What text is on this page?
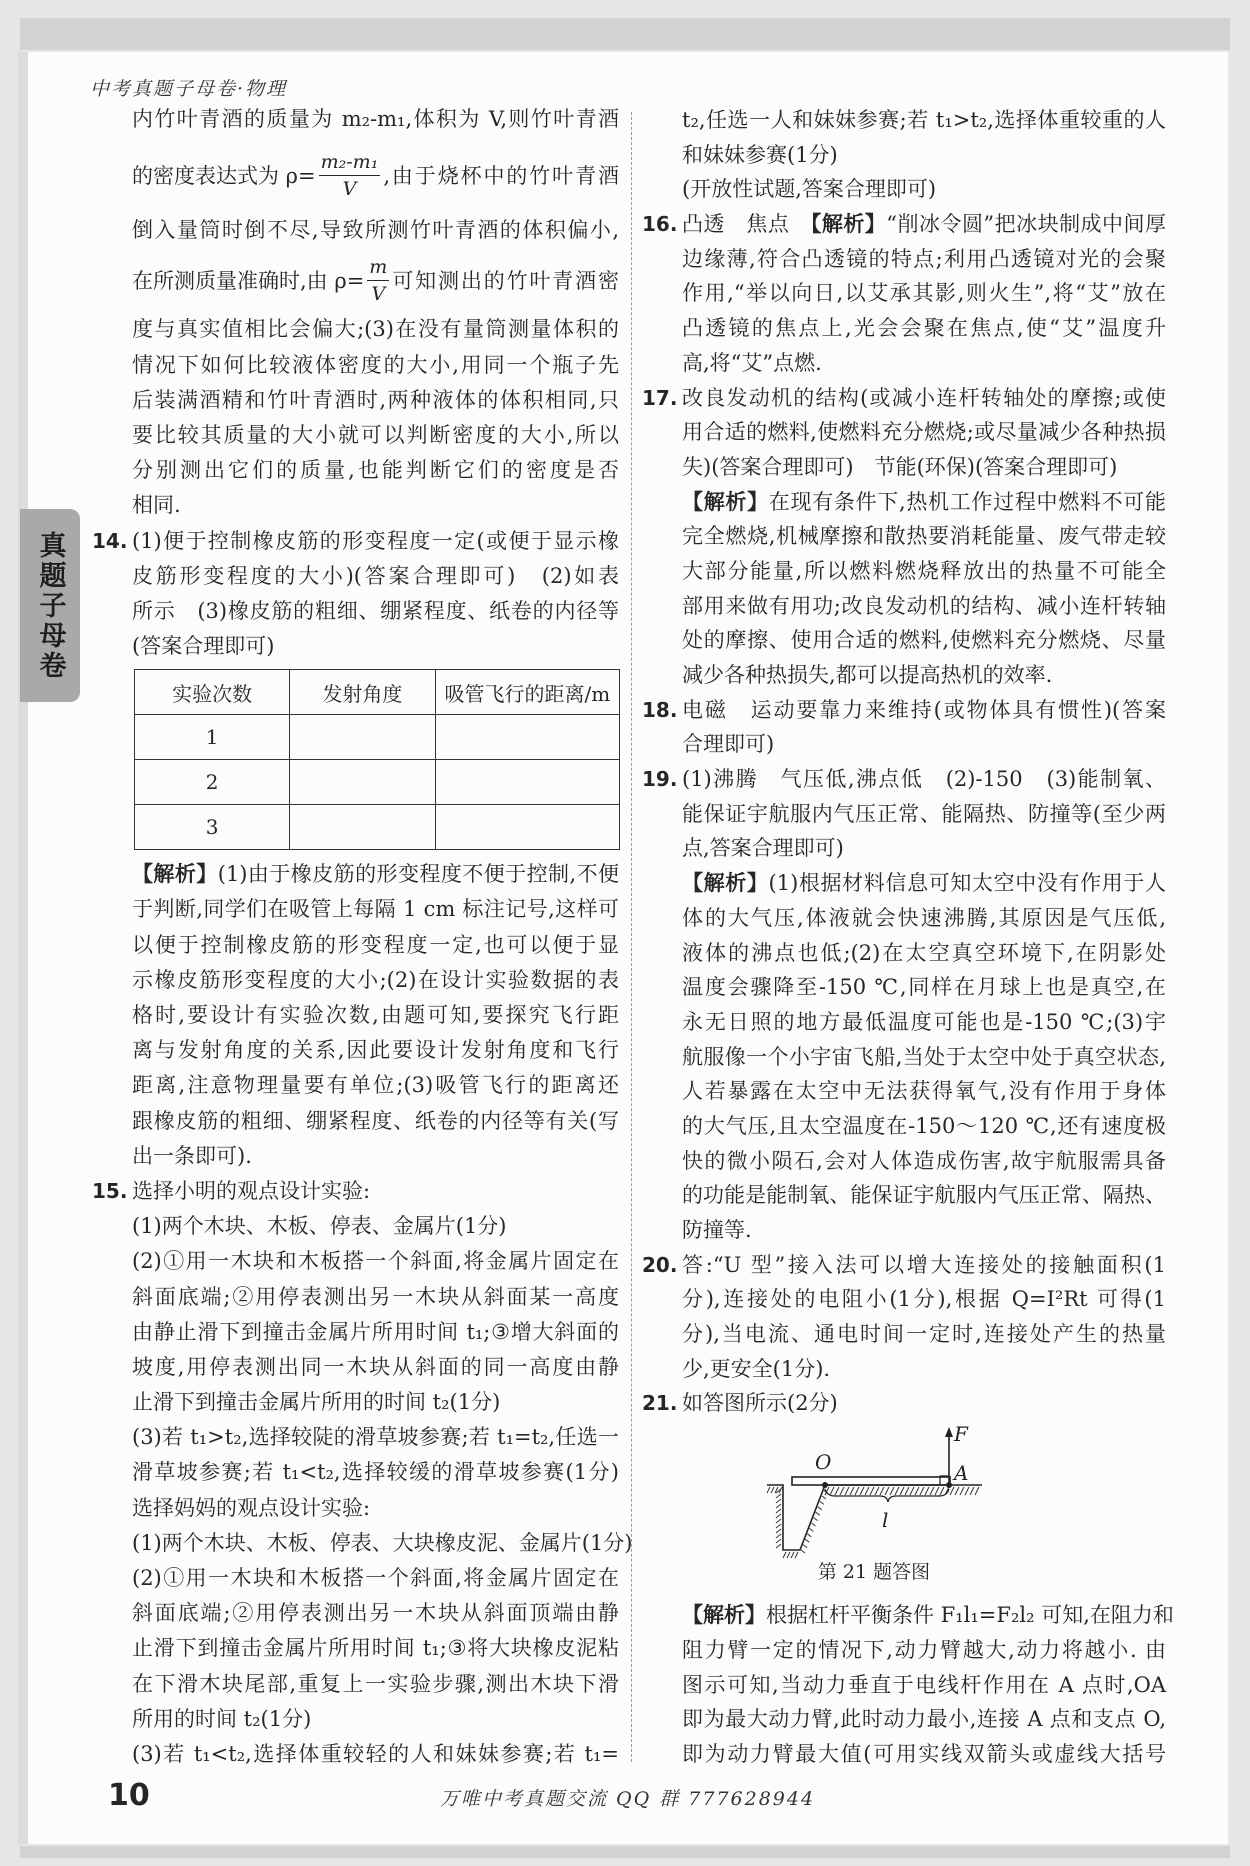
中考真题子母卷·物理
真题子母卷
内竹叶青酒的质量为 m₂-m₁,体积为 V,则竹叶青酒
的密度表达式为 $\rho= \frac{\text{m₂-m₁}}{V}$ ,由于烧杯中的竹叶青酒
倒入量筒时倒不尽,导致所测竹叶青酒的体积偏小,
在所测质量准确时,由 $\rho= \frac{m}{V}$ 可知测出的竹叶青酒密
度与真实值相比会偏大;(3)在没有量筒测量体积的
情况下如何比较液体密度的大小,用同一个瓶子先
后装满酒精和竹叶青酒时,两种液体的体积相同,只
要比较其质量的大小就可以判断密度的大小,所以
分别测出它们的质量,也能判断它们的密度是否
相同.
14. (1)便于控制橡皮筋的形变程度一定(或便于显示橡
皮筋形变程度的大小)(答案合理即可)　(2)如表
所示　(3)橡皮筋的粗细、绷紧程度、纸卷的内径等
(答案合理即可)
实验次数	发射角度	吸管飞行的距离/m
1		
2		
3		
【解析】(1)由于橡皮筋的形变程度不便于控制,不便
于判断,同学们在吸管上每隔 1 cm 标注记号,这样可
以便于控制橡皮筋的形变程度一定,也可以便于显
示橡皮筋形变程度的大小;(2)在设计实验数据的表
格时,要设计有实验次数,由题可知,要探究飞行距
离与发射角度的关系,因此要设计发射角度和飞行
距离,注意物理量要有单位;(3)吸管飞行的距离还
跟橡皮筋的粗细、绷紧程度、纸卷的内径等有关(写
出一条即可).
15. 选择小明的观点设计实验:
(1)两个木块、木板、停表、金属片(1分)
(2)①用一木块和木板搭一个斜面,将金属片固定在
斜面底端;②用停表测出另一木块从斜面某一高度
由静止滑下到撞击金属片所用时间 t₁;③增大斜面的
坡度,用停表测出同一木块从斜面的同一高度由静
止滑下到撞击金属片所用的时间 t₂(1分)
(3)若 t₁>t₂,选择较陡的滑草坡参赛;若 t₁=t₂,任选一
滑草坡参赛;若 t₁<t₂,选择较缓的滑草坡参赛(1分)
选择妈妈的观点设计实验:
(1)两个木块、木板、停表、大块橡皮泥、金属片(1分)
(2)①用一木块和木板搭一个斜面,将金属片固定在
斜面底端;②用停表测出另一木块从斜面顶端由静
止滑下到撞击金属片所用时间 t₁;③将大块橡皮泥粘
在下滑木块尾部,重复上一实验步骤,测出木块下滑
所用的时间 t₂(1分)
(3)若 t₁<t₂,选择体重较轻的人和妹妹参赛;若 t₁=
t₂,任选一人和妹妹参赛;若 t₁>t₂,选择体重较重的人
和妹妹参赛(1分)
(开放性试题,答案合理即可)
16. 凸透　焦点　【解析】“削冰令圆”把冰块制成中间厚
边缘薄,符合凸透镜的特点;利用凸透镜对光的会聚
作用,“举以向日,以艾承其影,则火生”,将“艾”放在
凸透镜的焦点上,光会会聚在焦点,使“艾”温度升
高,将“艾”点燃.
17. 改良发动机的结构(或减小连杆转轴处的摩擦;或使
用合适的燃料,使燃料充分燃烧;或尽量减少各种热损
失)(答案合理即可)　节能(环保)(答案合理即可)
【解析】在现有条件下,热机工作过程中燃料不可能
完全燃烧,机械摩擦和散热要消耗能量、废气带走较
大部分能量,所以燃料燃烧释放出的热量不可能全
部用来做有用功;改良发动机的结构、减小连杆转轴
处的摩擦、使用合适的燃料,使燃料充分燃烧、尽量
减少各种热损失,都可以提高热机的效率.
18. 电磁　运动要靠力来维持(或物体具有惯性)(答案
合理即可)
19. (1)沸腾　气压低,沸点低　(2)-150　(3)能制氧、
能保证宇航服内气压正常、能隔热、防撞等(至少两
点,答案合理即可)
【解析】(1)根据材料信息可知太空中没有作用于人
体的大气压,体液就会快速沸腾,其原因是气压低,
液体的沸点也低;(2)在太空真空环境下,在阴影处
温度会骤降至-150 ℃,同样在月球上也是真空,在
永无日照的地方最低温度可能也是-150 ℃;(3)宇
航服像一个小宇宙飞船,当处于太空中处于真空状态,
人若暴露在太空中无法获得氧气,没有作用于身体
的大气压,且太空温度在-150～120 ℃,还有速度极
快的微小陨石,会对人体造成伤害,故宇航服需具备
的功能是能制氧、能保证宇航服内气压正常、隔热、
防撞等.
20. 答:“U 型”接入法可以增大连接处的接触面积(1
分),连接处的电阻小(1分),根据 Q=I²Rt 可得(1
分),当电流、通电时间一定时,连接处产生的热量
少,更安全(1分).
21. 如答图所示(2分)
O	A
F
l
第 21 题答图
【解析】根据杠杆平衡条件 F₁l₁=F₂l₂ 可知,在阻力和
阻力臂一定的情况下,动力臂越大,动力将越小. 由
图示可知,当动力垂直于电线杆作用在 A 点时,OA
即为最大动力臂,此时动力最小,连接 A 点和支点 O,
即为动力臂最大值(可用实线双箭头或虚线大括号
10	万唯中考真题交流 QQ 群 777628944
